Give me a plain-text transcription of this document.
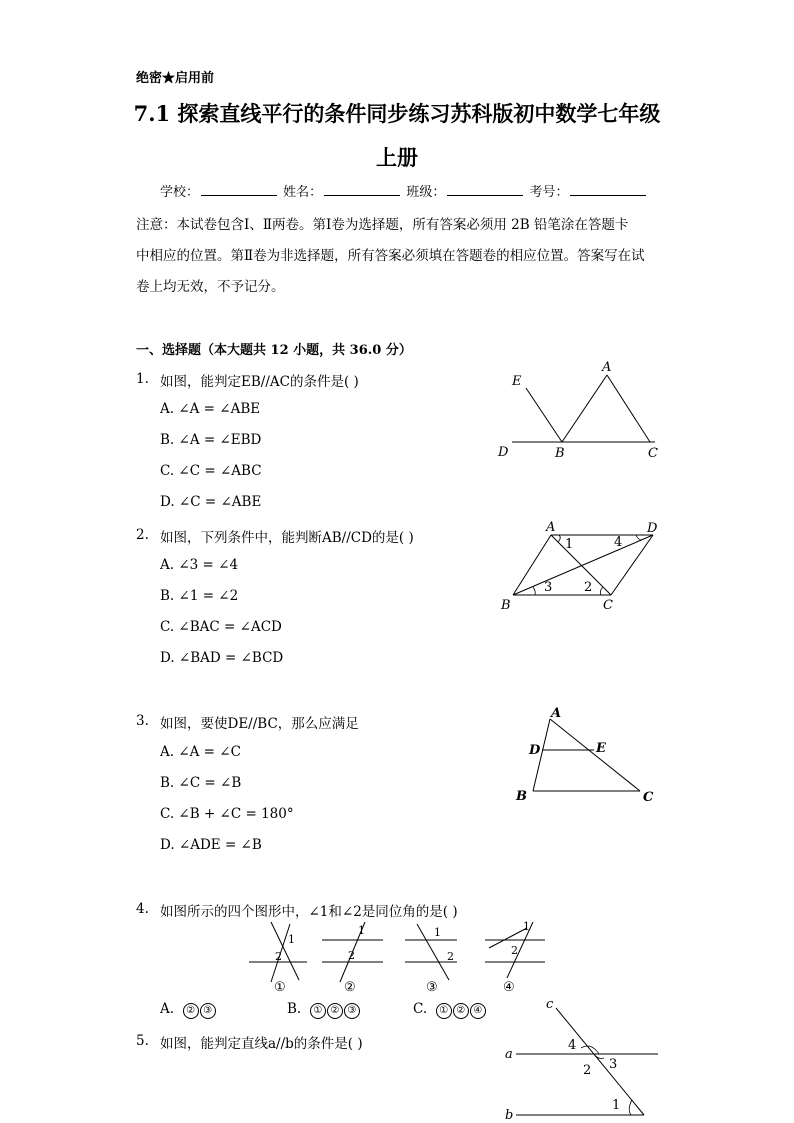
绝密★启用前
7.1 探索直线平行的条件同步练习苏科版初中数学七年级
上册
学校：	姓名：	班级：	考号：
注意：本试卷包含Ⅰ、Ⅱ两卷。第Ⅰ卷为选择题，所有答案必须用 2B 铅笔涂在答题卡
中相应的位置。第Ⅱ卷为非选择题，所有答案必须填在答题卷的相应位置。答案写在试
卷上均无效，不予记分。
一、选择题（本大题共 12 小题，共 36.0 分）
1. 如图，能判定EB//AC的条件是( )
A. ∠A = ∠ABE
B. ∠A = ∠EBD
C. ∠C = ∠ABC
D. ∠C = ∠ABE
E
A
D	B	C
2. 如图，下列条件中，能判断AB//CD的是( )
A. ∠3 = ∠4
B. ∠1 = ∠2
C. ∠BAC = ∠ACD
D. ∠BAD = ∠BCD
A	D
B	C
1
2
3
4
3. 如图，要使DE//BC，那么应满足
A. ∠A = ∠C
B. ∠C = ∠B
C. ∠B + ∠C = 180°
D. ∠ADE = ∠B
A
D	E
B	C
4. 如图所示的四个图形中，∠1和∠2是同位角的是( )
1
2
①
1
2
②
1
2
③
1
2
④
A. ② ③	B. ① ② ③	C. ① ② ④
5. 如图，能判定直线a//b的条件是( )
c
a
b
4
2 3
1
